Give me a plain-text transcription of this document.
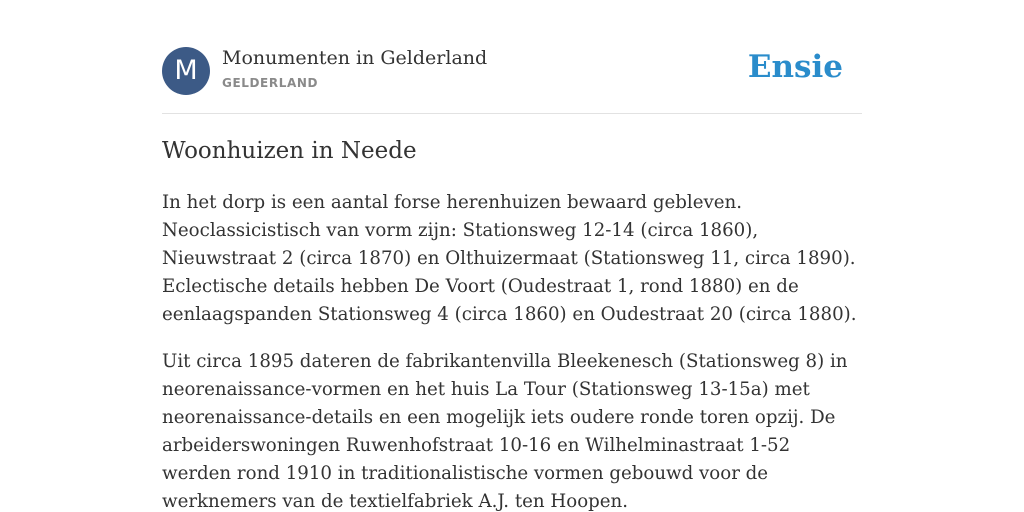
M	Monumenten in Gelderland
GELDERLAND	Ensie
Woonhuizen in Neede

In het dorp is een aantal forse herenhuizen bewaard gebleven. Neoclassicistisch van vorm zijn: Stationsweg 12-14 (circa 1860), Nieuwstraat 2 (circa 1870) en Olthuizermaat (Stationsweg 11, circa 1890). Eclectische details hebben De Voort (Oudestraat 1, rond 1880) en de eenlaagspanden Stationsweg 4 (circa 1860) en Oudestraat 20 (circa 1880).

Uit circa 1895 dateren de fabrikantenvilla Bleekenesch (Stationsweg 8) in neorenaissance-vormen en het huis La Tour (Stationsweg 13-15a) met neorenaissance-details en een mogelijk iets oudere ronde toren opzij. De arbeiderswoningen Ruwenhofstraat 10-16 en Wilhelminastraat 1-52 werden rond 1910 in traditionalistische vormen gebouwd voor de werknemers van de textielfabriek A.J. ten Hoopen.
